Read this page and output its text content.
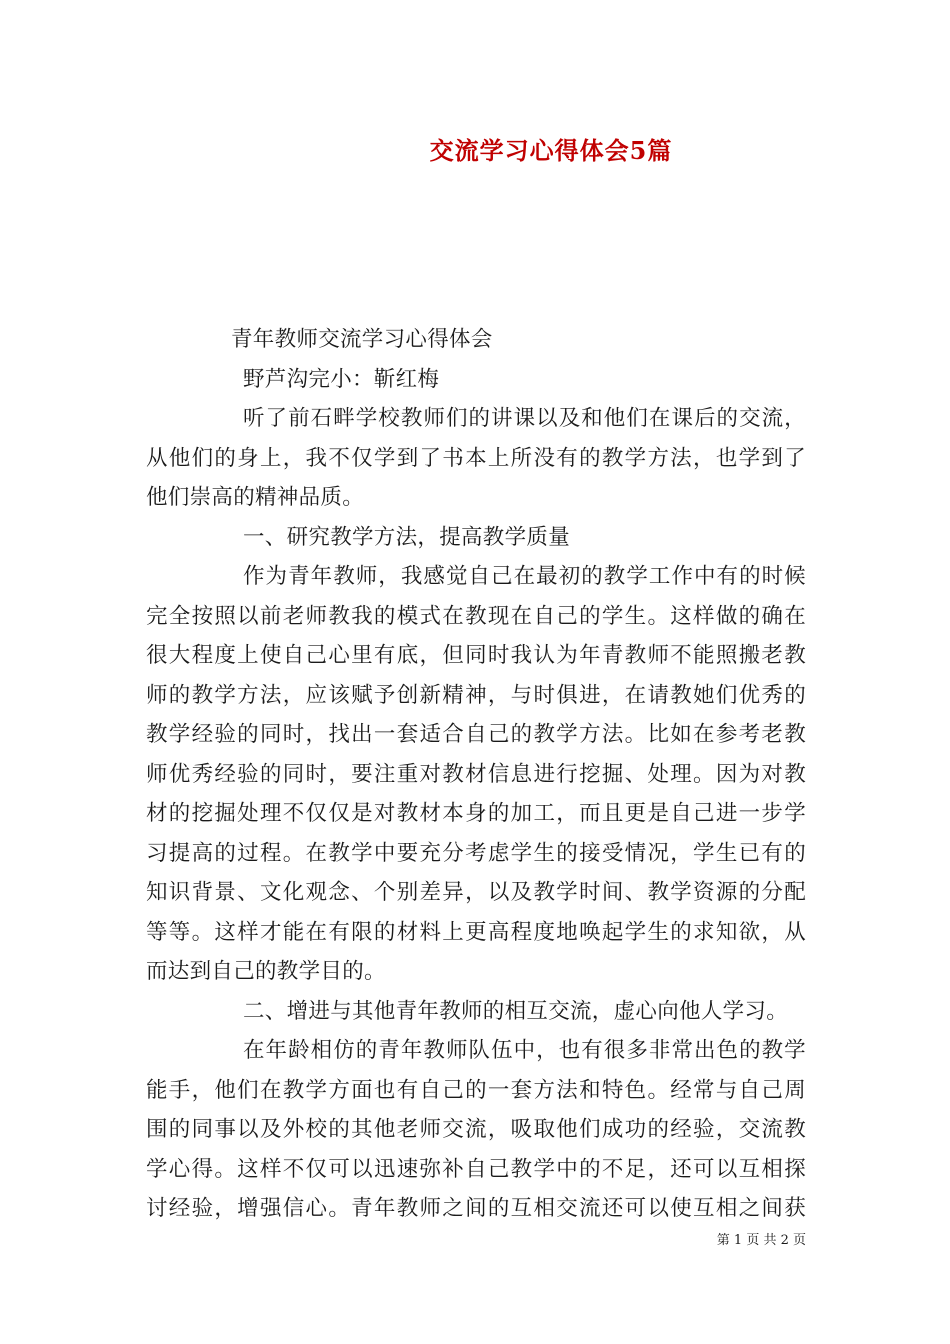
交流学习心得体会5篇

青年教师交流学习心得体会

野芦沟完小：靳红梅

听了前石畔学校教师们的讲课以及和他们在课后的交流，

从他们的身上，我不仅学到了书本上所没有的教学方法，也学到了

他们崇高的精神品质。

一、研究教学方法，提高教学质量

作为青年教师，我感觉自己在最初的教学工作中有的时候

完全按照以前老师教我的模式在教现在自己的学生。这样做的确在

很大程度上使自己心里有底，但同时我认为年青教师不能照搬老教

师的教学方法，应该赋予创新精神，与时俱进，在请教她们优秀的

教学经验的同时，找出一套适合自己的教学方法。比如在参考老教

师优秀经验的同时，要注重对教材信息进行挖掘、处理。因为对教

材的挖掘处理不仅仅是对教材本身的加工，而且更是自己进一步学

习提高的过程。在教学中要充分考虑学生的接受情况，学生已有的

知识背景、文化观念、个别差异，以及教学时间、教学资源的分配

等等。这样才能在有限的材料上更高程度地唤起学生的求知欲，从

而达到自己的教学目的。

二、增进与其他青年教师的相互交流，虚心向他人学习。

在年龄相仿的青年教师队伍中，也有很多非常出色的教学

能手，他们在教学方面也有自己的一套方法和特色。经常与自己周

围的同事以及外校的其他老师交流，吸取他们成功的经验，交流教

学心得。这样不仅可以迅速弥补自己教学中的不足，还可以互相探

讨经验，增强信心。青年教师之间的互相交流还可以使互相之间获

第 1 页 共 2 页
